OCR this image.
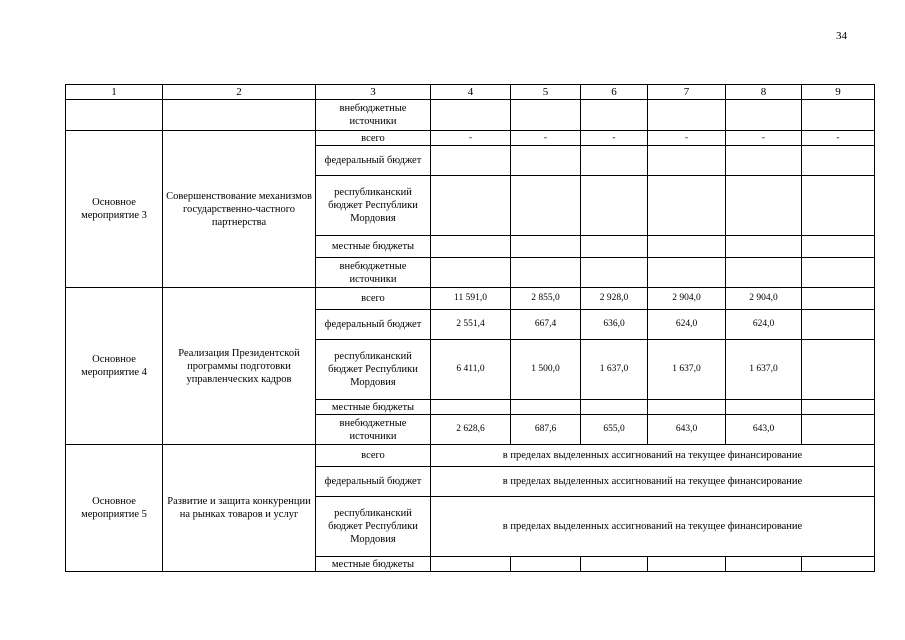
34
1	2	3	4	5	6	7	8	9
		внебюджетные источники						
Основное мероприятие 3	Совершенствование механизмов государственно-частного партнерства	всего	-	-	-	-	-	-
		федеральный бюджет						
		республиканский бюджет Республики Мордовия						
		местные бюджеты						
		внебюджетные источники						
Основное мероприятие 4	Реализация Президентской программы подготовки управленческих кадров	всего	11 591,0	2 855,0	2 928,0	2 904,0	2 904,0	
		федеральный бюджет	2 551,4	667,4	636,0	624,0	624,0	
		республиканский бюджет Республики Мордовия	6 411,0	1 500,0	1 637,0	1 637,0	1 637,0	
		местные бюджеты						
		внебюджетные источники	2 628,6	687,6	655,0	643,0	643,0	
Основное мероприятие 5	Развитие и защита конкуренции на рынках товаров и услуг	всего	в пределах выделенных ассигнований на текущее финансирование					
		федеральный бюджет	в пределах выделенных ассигнований на текущее финансирование					
		республиканский бюджет Республики Мордовия	в пределах выделенных ассигнований на текущее финансирование					
		местные бюджеты						
